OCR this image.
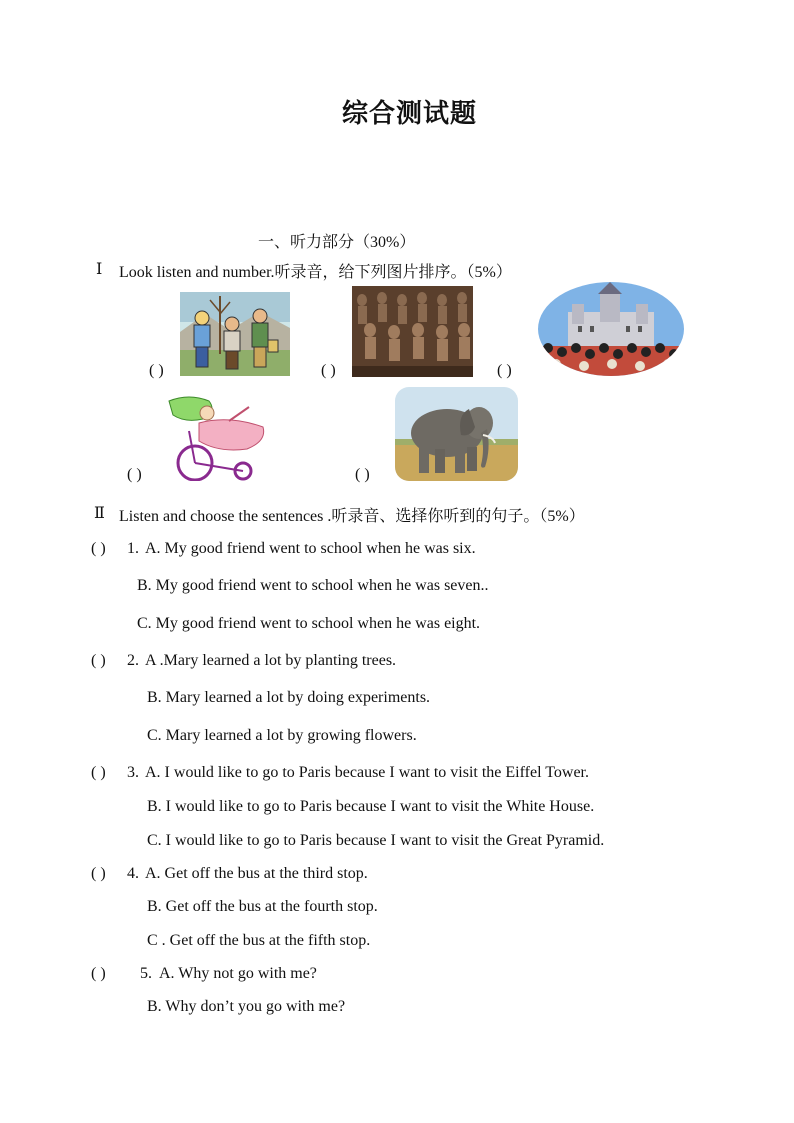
综合测试题
一、听力部分（30%）
Ⅰ Look listen and number.听录音，给下列图片排序。（5%）
( )	( )	( )
( )	( )
Ⅱ Listen and choose the sentences .听录音、选择你听到的句子。（5%）
( ) 1. A. My good friend went to school when he was six.
B. My good friend went to school when he was seven..
C. My good friend went to school when he was eight.
( ) 2. A .Mary learned a lot by planting trees.
B. Mary learned a lot by doing experiments.
C. Mary learned a lot by growing flowers.
( ) 3. A. I would like to go to Paris because I want to visit the Eiffel Tower.
B. I would like to go to Paris because I want to visit the White House.
C. I would like to go to Paris because I want to visit the Great Pyramid.
( ) 4. A. Get off the bus at the third stop.
B. Get off the bus at the fourth stop.
C . Get off the bus at the fifth stop.
( ) 5. A. Why not go with me?
B. Why don’t you go with me?
